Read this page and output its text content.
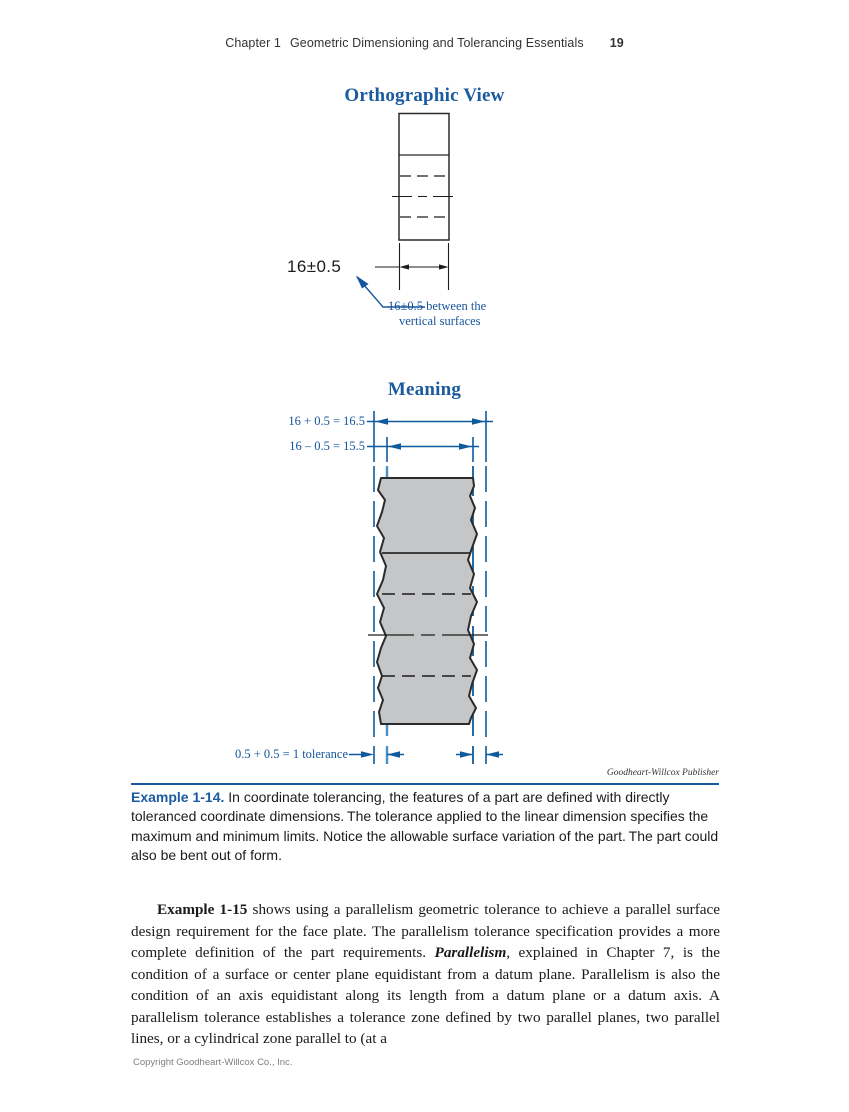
Chapter 1 Geometric Dimensioning and Tolerancing Essentials 19
Orthographic View
Meaning
16±0.5
16±0.5 between the
vertical surfaces
16 + 0.5 = 16.5
16 – 0.5 = 15.5
0.5 + 0.5 = 1 tolerance
Goodheart-Willcox Publisher
Example 1-14. In coordinate tolerancing, the features of a part are defined with directly toleranced coordinate dimensions. The tolerance applied to the linear dimension specifies the maximum and minimum limits. Notice the allowable surface variation of the part. The part could also be bent out of form.

Example 1-15 shows using a parallelism geometric tolerance to achieve a parallel surface design requirement for the face plate. The parallelism tolerance specification provides a more complete definition of the part requirements. Parallelism, explained in Chapter 7, is the condition of a surface or center plane equidistant from a datum plane. Parallelism is also the condition of an axis equidistant along its length from a datum plane or a datum axis. A parallelism tolerance establishes a tolerance zone defined by two parallel planes, two parallel lines, or a cylindrical zone parallel to (at a

Copyright Goodheart-Willcox Co., Inc.
